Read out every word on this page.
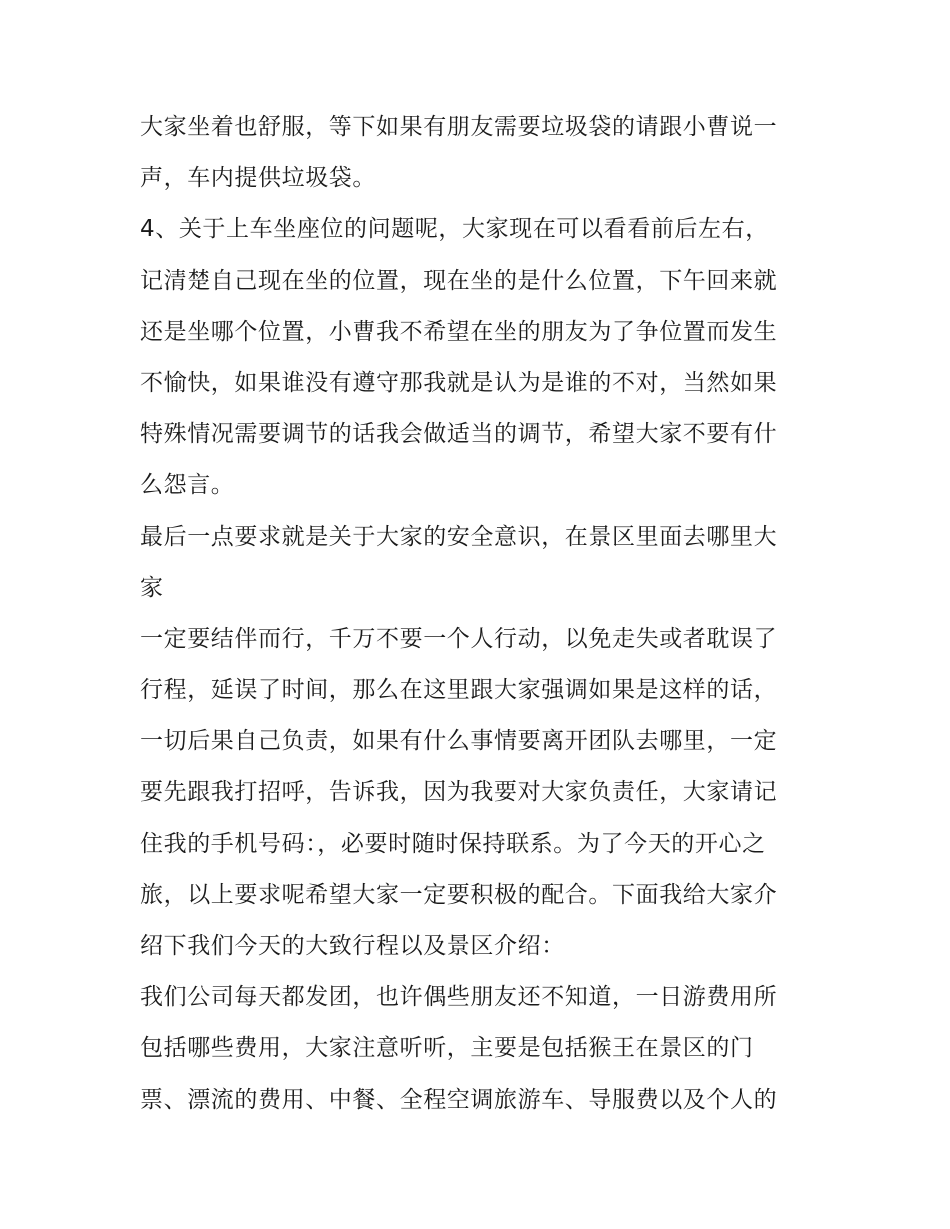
大家坐着也舒服，等下如果有朋友需要垃圾袋的请跟小曹说一
声，车内提供垃圾袋。
4、关于上车坐座位的问题呢，大家现在可以看看前后左右，
记清楚自己现在坐的位置，现在坐的是什么位置，下午回来就
还是坐哪个位置，小曹我不希望在坐的朋友为了争位置而发生
不愉快，如果谁没有遵守那我就是认为是谁的不对，当然如果
特殊情况需要调节的话我会做适当的调节，希望大家不要有什
么怨言。
最后一点要求就是关于大家的安全意识，在景区里面去哪里大
家
一定要结伴而行，千万不要一个人行动，以免走失或者耽误了
行程，延误了时间，那么在这里跟大家强调如果是这样的话，
一切后果自己负责，如果有什么事情要离开团队去哪里，一定
要先跟我打招呼，告诉我，因为我要对大家负责任，大家请记
住我的手机号码：，必要时随时保持联系。为了今天的开心之
旅，以上要求呢希望大家一定要积极的配合。下面我给大家介
绍下我们今天的大致行程以及景区介绍：
我们公司每天都发团，也许偶些朋友还不知道，一日游费用所
包括哪些费用，大家注意听听，主要是包括猴王在景区的门
票、漂流的费用、中餐、全程空调旅游车、导服费以及个人的
